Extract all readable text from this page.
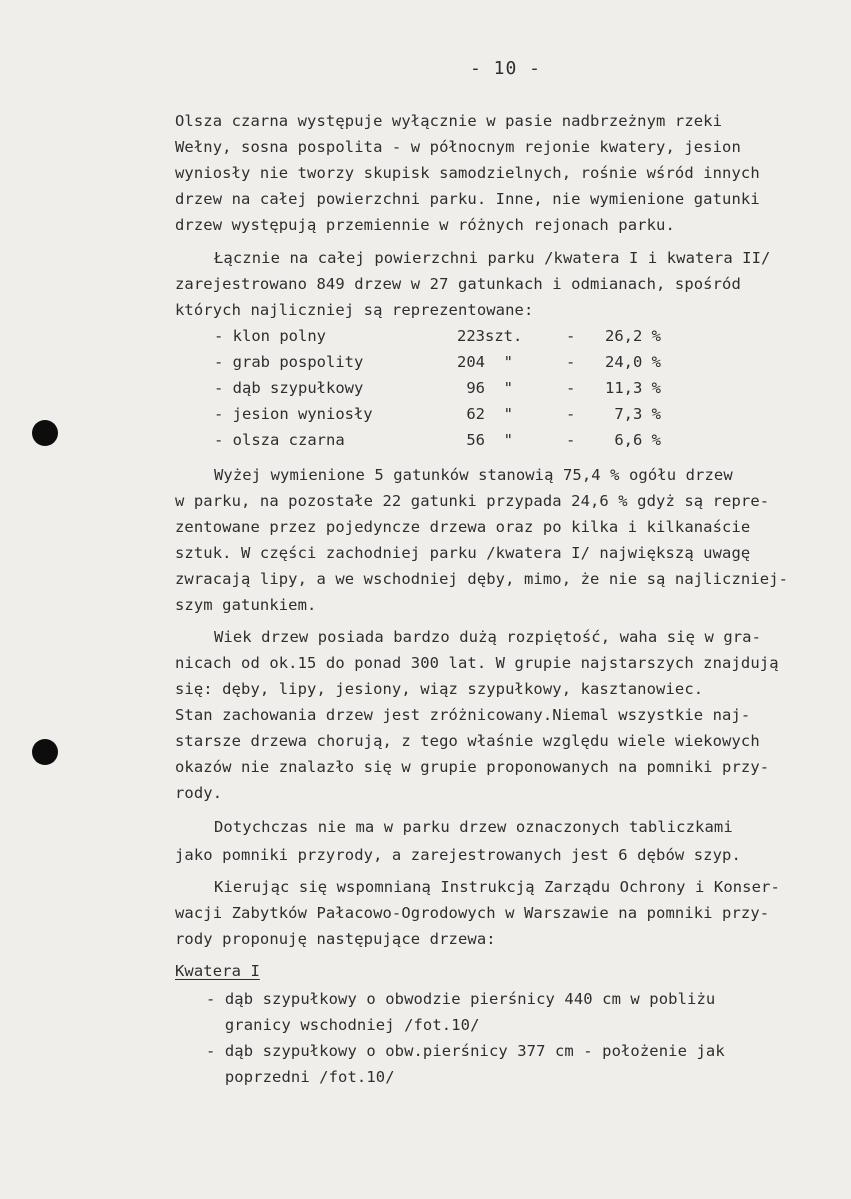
- 10 -
Olsza czarna występuje wyłącznie w pasie nadbrzeżnym rzeki
Wełny, sosna pospolita - w północnym rejonie kwatery, jesion
wyniosły nie tworzy skupisk samodzielnych, rośnie wśród innych
drzew na całej powierzchni parku. Inne, nie wymienione gatunki
drzew występują przemiennie w różnych rejonach parku.
Łącznie na całej powierzchni parku /kwatera I i kwatera II/
zarejestrowano 849 drzew w 27 gatunkach i odmianach, spośród
których najliczniej są reprezentowane:
- klon polny	223szt.	- 26,2 %
- grab pospolity	204  "	- 24,0 %
- dąb szypułkowy	96  "	- 11,3 %
- jesion wyniosły	62  "	- 7,3 %
- olsza czarna	56  "	- 6,6 %
Wyżej wymienione 5 gatunków stanowią 75,4 % ogółu drzew
w parku, na pozostałe 22 gatunki przypada 24,6 % gdyż są repre-
zentowane przez pojedyncze drzewa oraz po kilka i kilkanaście
sztuk. W części zachodniej parku /kwatera I/ największą uwagę
zwracają lipy, a we wschodniej dęby, mimo, że nie są najliczniej-
szym gatunkiem.
Wiek drzew posiada bardzo dużą rozpiętość, waha się w gra-
nicach od ok.15 do ponad 300 lat. W grupie najstarszych znajdują
się: dęby, lipy, jesiony, wiąz szypułkowy, kasztanowiec.
Stan zachowania drzew jest zróżnicowany.Niemal wszystkie naj-
starsze drzewa chorują, z tego właśnie względu wiele wiekowych
okazów nie znalazło się w grupie proponowanych na pomniki przy-
rody.
Dotychczas nie ma w parku drzew oznaczonych tabliczkami
jako pomniki przyrody, a zarejestrowanych jest 6 dębów szyp.
Kierując się wspomnianą Instrukcją Zarządu Ochrony i Konser-
wacji Zabytków Pałacowo-Ogrodowych w Warszawie na pomniki przy-
rody proponuję następujące drzewa:
Kwatera I
- dąb szypułkowy o obwodzie pierśnicy 440 cm w pobliżu
granicy wschodniej /fot.10/
- dąb szypułkowy o obw.pierśnicy 377 cm - położenie jak
poprzedni /fot.10/
